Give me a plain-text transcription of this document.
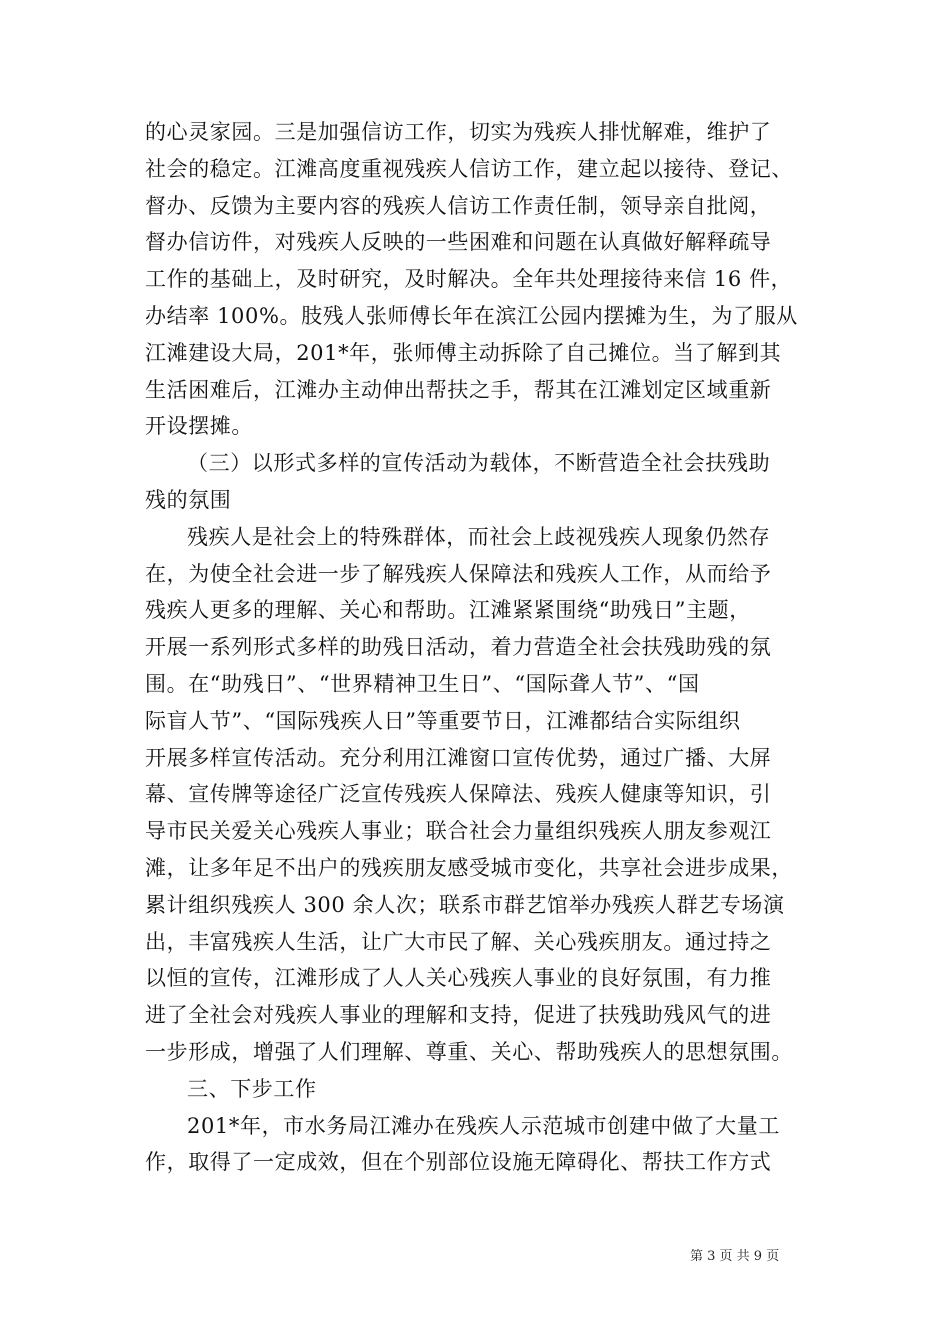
的心灵家园。三是加强信访工作，切实为残疾人排忧解难，维护了
社会的稳定。江滩高度重视残疾人信访工作，建立起以接待、登记、
督办、反馈为主要内容的残疾人信访工作责任制，领导亲自批阅，
督办信访件，对残疾人反映的一些困难和问题在认真做好解释疏导
工作的基础上，及时研究，及时解决。全年共处理接待来信 16 件，
办结率 100%。肢残人张师傅长年在滨江公园内摆摊为生，为了服从
江滩建设大局，201*年，张师傅主动拆除了自己摊位。当了解到其
生活困难后，江滩办主动伸出帮扶之手，帮其在江滩划定区域重新
开设摆摊。
（三）以形式多样的宣传活动为载体，不断营造全社会扶残助
残的氛围
残疾人是社会上的特殊群体，而社会上歧视残疾人现象仍然存
在，为使全社会进一步了解残疾人保障法和残疾人工作，从而给予
残疾人更多的理解、关心和帮助。江滩紧紧围绕“助残日”主题，
开展一系列形式多样的助残日活动，着力营造全社会扶残助残的氛
围。在“助残日”、“世界精神卫生日”、“国际聋人节”、“国
际盲人节”、“国际残疾人日”等重要节日，江滩都结合实际组织
开展多样宣传活动。充分利用江滩窗口宣传优势，通过广播、大屏
幕、宣传牌等途径广泛宣传残疾人保障法、残疾人健康等知识，引
导市民关爱关心残疾人事业；联合社会力量组织残疾人朋友参观江
滩，让多年足不出户的残疾朋友感受城市变化，共享社会进步成果，
累计组织残疾人 300 余人次；联系市群艺馆举办残疾人群艺专场演
出，丰富残疾人生活，让广大市民了解、关心残疾朋友。通过持之
以恒的宣传，江滩形成了人人关心残疾人事业的良好氛围，有力推
进了全社会对残疾人事业的理解和支持，促进了扶残助残风气的进
一步形成，增强了人们理解、尊重、关心、帮助残疾人的思想氛围。
三、下步工作
201*年，市水务局江滩办在残疾人示范城市创建中做了大量工
作，取得了一定成效，但在个别部位设施无障碍化、帮扶工作方式
第 3 页 共 9 页
